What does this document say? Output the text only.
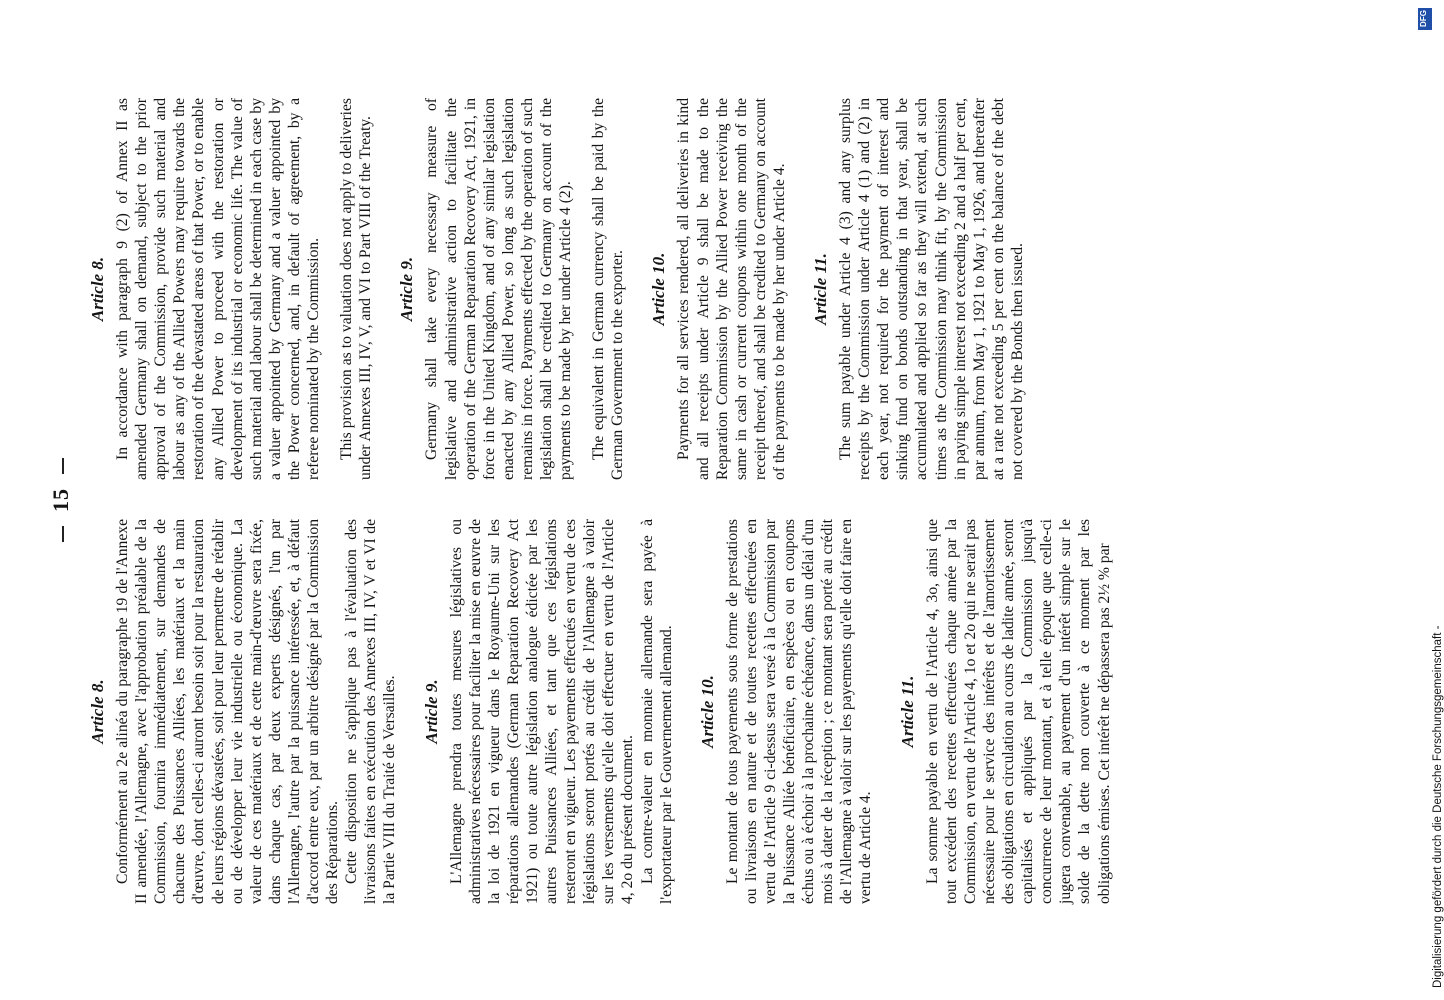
15
Article 8. Conformément au 2e alinéa du paragraphe 19 de l'Annexe II amendée, l'Allemagne, avec l'approbation préalable de la Commission, fournira immédiatement, sur demandes de chacune des Puissances Alliées, les matériaux et la main d'œuvre, dont celles-ci auront besoin soit pour la restauration de leurs régions dévastées, soit pour leur permettre de rétablir ou de développer leur vie industrielle ou économique. La valeur de ces matériaux et de cette main-d'œuvre sera fixée, dans chaque cas, par deux experts désignés, l'un par l'Allemagne, l'autre par la puissance intéressée, et, à défaut d'accord entre eux, par un arbitre désigné par la Commission des Réparations. Cette disposition ne s'applique pas à l'évaluation des livraisons faites en exécution des Annexes III, IV, V et VI de la Partie VIII du Traité de Versailles. Article 9. L'Allemagne prendra toutes mesures législatives ou administratives nécessaires pour faciliter la mise en œuvre de la loi de 1921 en vigueur dans le Royaume-Uni sur les réparations allemandes (German Reparation Recovery Act 1921) ou toute autre législation analogue édictée par les autres Puissances Alliées, et tant que ces législations resteront en vigueur. Les payements effectués en vertu de ces législations seront portés au crédit de l'Allemagne à valoir sur les versements qu'elle doit effectuer en vertu de l'Article 4, 2o du présent document. La contre-valeur en monnaie allemande sera payée à l'exportateur par le Gouvernement allemand. Article 10. Le montant de tous payements sous forme de prestations ou livraisons en nature et de toutes recettes effectuées en vertu de l'Article 9 ci-dessus sera versé à la Commission par la Puissance Alliée bénéficiaire, en espèces ou en coupons échus ou à échoir à la prochaine échéance, dans un délai d'un mois à dater de la réception ; ce montant sera porté au crédit de l'Allemagne à valoir sur les payements qu'elle doit faire en vertu de Article 4.

Article 11. La somme payable en vertu de l'Article 4, 3o, ainsi que tout excédent des recettes effectuées chaque année par la Commission, en vertu de l'Article 4, 1o et 2o qui ne serait pas nécessaire pour le service des intérêts et de l'amortissement des obligations en circulation au cours de ladite année, seront capitalisés et appliqués par la Commission jusqu'à concurrence de leur montant, et à telle époque que celle-ci jugera convenable, au payement d'un intérêt simple sur le solde de la dette non couverte à ce moment par les obligations émises. Cet intérêt ne dépassera pas 2½ % par

Article 8. In accordance with paragraph 9 (2) of Annex II as amended Germany shall on demand, subject to the prior approval of the Commission, provide such material and labour as any of the Allied Powers may require towards the restoration of the devastated areas of that Power, or to enable any Allied Power to proceed with the restoration or development of its industrial or economic life. The value of such material and labour shall be determined in each case by a valuer appointed by Germany and a valuer appointed by the Power concerned, and, in default of agreement, by a referee nominated by the Commission. This provision as to valuation does not apply to deliveries under Annexes III, IV, V, and VI to Part VIII of the Treaty. Article 9. Germany shall take every necessary measure of legislative and administrative action to facilitate the operation of the German Reparation Recovery Act, 1921, in force in the United Kingdom, and of any similar legislation enacted by any Allied Power, so long as such legislation remains in force. Payments effected by the operation of such legislation shall be credited to Germany on account of the payments to be made by her under Article 4 (2). The equivalent in German currency shall be paid by the German Government to the exporter. Article 10. Payments for all services rendered, all deliveries in kind and all receipts under Article 9 shall be made to the Reparation Commission by the Allied Power receiving the same in cash or current coupons within one month of the receipt thereof, and shall be credited to Germany on account of the payments to be made by her under Article 4. Article 11. The sum payable under Article 4 (3) and any surplus receipts by the Commission under Article 4 (1) and (2) in each year, not required for the payment of interest and sinking fund on bonds outstanding in that year, shall be accumulated and applied so far as they will extend, at such times as the Commission may think fit, by the Commission in paying simple interest not exceeding 2 and a half per cent, par annum, from May 1, 1921 to May 1, 1926, and thereafter at a rate not exceeding 5 per cent on the balance of the debt not covered by the Bonds then issued.

Digitalisierung gefördert durch die Deutsche Forschungsgemeinschaft -
DFG
